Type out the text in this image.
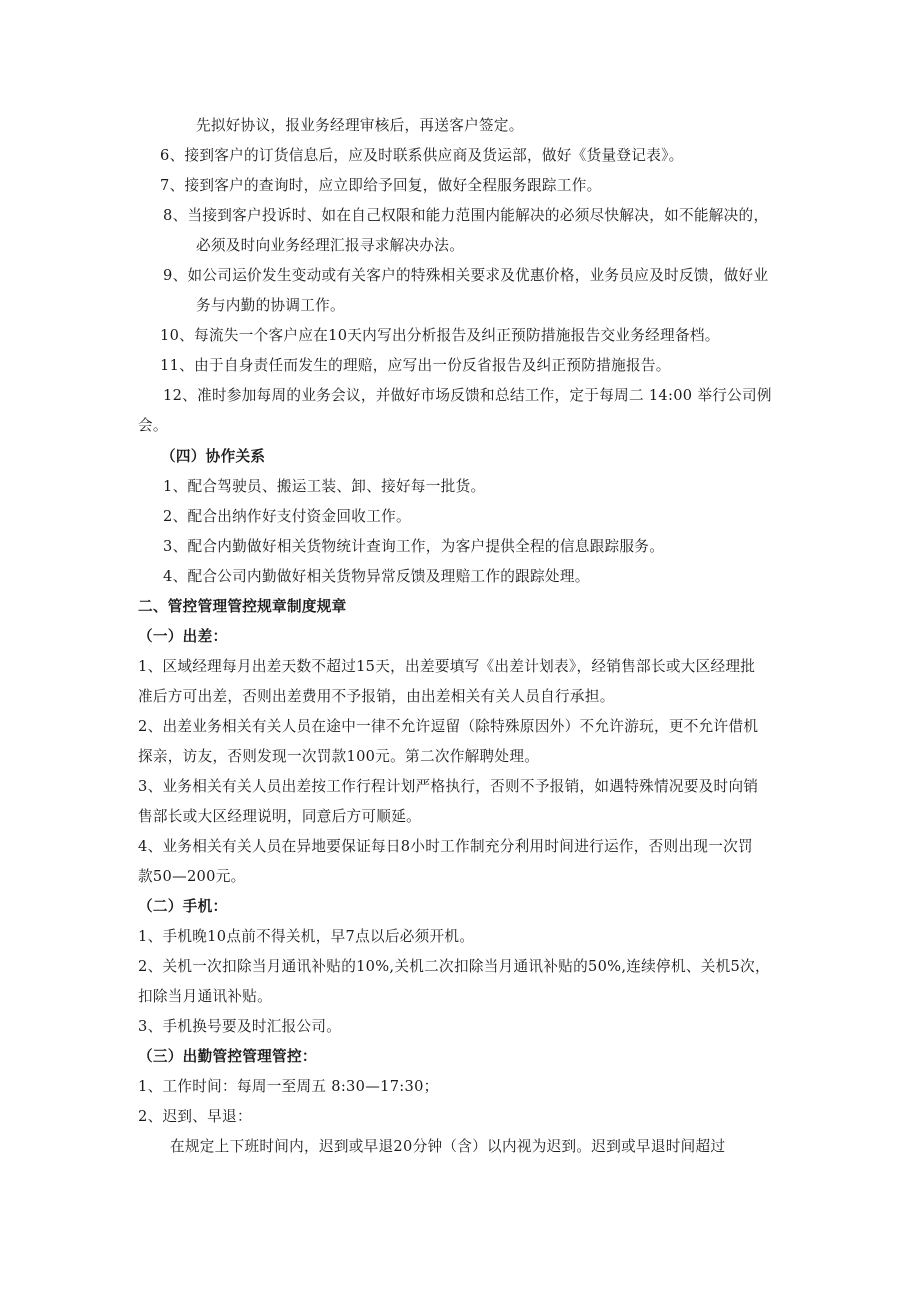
先拟好协议，报业务经理审核后，再送客户签定。
6、接到客户的订货信息后，应及时联系供应商及货运部，做好《货量登记表》。
7、接到客户的查询时，应立即给予回复，做好全程服务跟踪工作。
8、当接到客户投诉时、如在自己权限和能力范围内能解决的必须尽快解决，如不能解决的，
必须及时向业务经理汇报寻求解决办法。
9、如公司运价发生变动或有关客户的特殊相关要求及优惠价格，业务员应及时反馈，做好业
务与内勤的协调工作。
10、每流失一个客户应在10天内写出分析报告及纠正预防措施报告交业务经理备档。
11、由于自身责任而发生的理赔，应写出一份反省报告及纠正预防措施报告。
12、准时参加每周的业务会议，并做好市场反馈和总结工作，定于每周二 14:00 举行公司例
会。
（四）协作关系
1、配合驾驶员、搬运工装、卸、接好每一批货。
2、配合出纳作好支付资金回收工作。
3、配合内勤做好相关货物统计查询工作，为客户提供全程的信息跟踪服务。
4、配合公司内勤做好相关货物异常反馈及理赔工作的跟踪处理。
二、管控管理管控规章制度规章
（一）出差：
1、区域经理每月出差天数不超过15天，出差要填写《出差计划表》，经销售部长或大区经理批
准后方可出差，否则出差费用不予报销，由出差相关有关人员自行承担。
2、出差业务相关有关人员在途中一律不允许逗留（除特殊原因外）不允许游玩，更不允许借机
探亲，访友，否则发现一次罚款100元。第二次作解聘处理。
3、业务相关有关人员出差按工作行程计划严格执行，否则不予报销，如遇特殊情况要及时向销
售部长或大区经理说明，同意后方可顺延。
4、业务相关有关人员在异地要保证每日8小时工作制充分利用时间进行运作，否则出现一次罚
款50—200元。
（二）手机：
1、手机晚10点前不得关机，早7点以后必须开机。
2、关机一次扣除当月通讯补贴的10%,关机二次扣除当月通讯补贴的50%,连续停机、关机5次，
扣除当月通讯补贴。
3、手机换号要及时汇报公司。
（三）出勤管控管理管控：
1、工作时间：每周一至周五 8:30—17:30；
2、迟到、早退：
在规定上下班时间内，迟到或早退20分钟（含）以内视为迟到。迟到或早退时间超过
